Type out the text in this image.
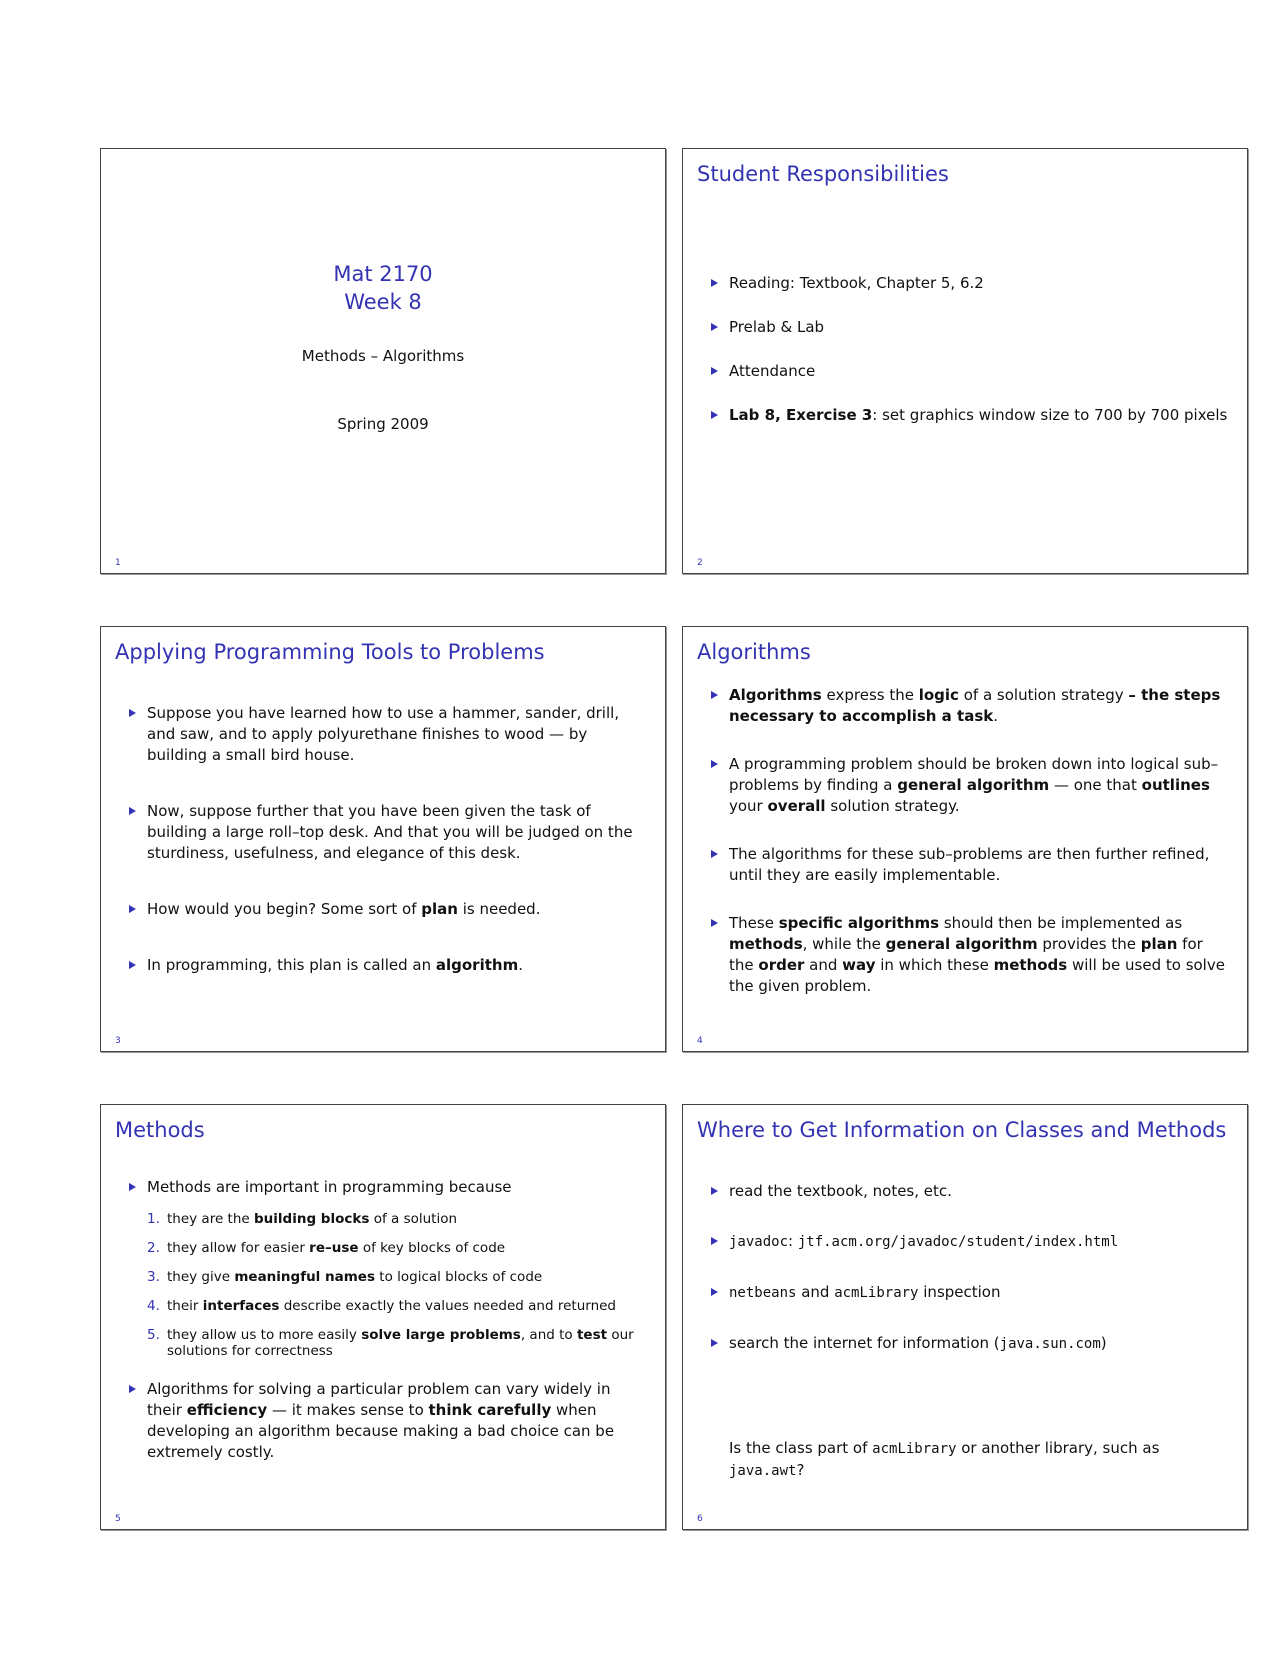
Mat 2170
Week 8
Methods – Algorithms
Spring 2009
1
Student Responsibilities
Reading: Textbook, Chapter 5, 6.2
Prelab & Lab
Attendance
Lab 8, Exercise 3: set graphics window size to 700 by 700 pixels
2
Applying Programming Tools to Problems
Suppose you have learned how to use a hammer, sander, drill, and saw, and to apply polyurethane finishes to wood — by building a small bird house.
Now, suppose further that you have been given the task of building a large roll–top desk. And that you will be judged on the sturdiness, usefulness, and elegance of this desk.
How would you begin? Some sort of plan is needed.
In programming, this plan is called an algorithm.
3
Algorithms
Algorithms express the logic of a solution strategy – the steps necessary to accomplish a task.
A programming problem should be broken down into logical sub–problems by finding a general algorithm — one that outlines your overall solution strategy.
The algorithms for these sub–problems are then further refined, until they are easily implementable.
These specific algorithms should then be implemented as methods, while the general algorithm provides the plan for the order and way in which these methods will be used to solve the given problem.
4
Methods
Methods are important in programming because
1. they are the building blocks of a solution
2. they allow for easier re–use of key blocks of code
3. they give meaningful names to logical blocks of code
4. their interfaces describe exactly the values needed and returned
5. they allow us to more easily solve large problems, and to test our solutions for correctness
Algorithms for solving a particular problem can vary widely in their efficiency — it makes sense to think carefully when developing an algorithm because making a bad choice can be extremely costly.
5
Where to Get Information on Classes and Methods
read the textbook, notes, etc.
javadoc: jtf.acm.org/javadoc/student/index.html
netbeans and acmLibrary inspection
search the internet for information (java.sun.com)
Is the class part of acmLibrary or another library, such as java.awt?
6
